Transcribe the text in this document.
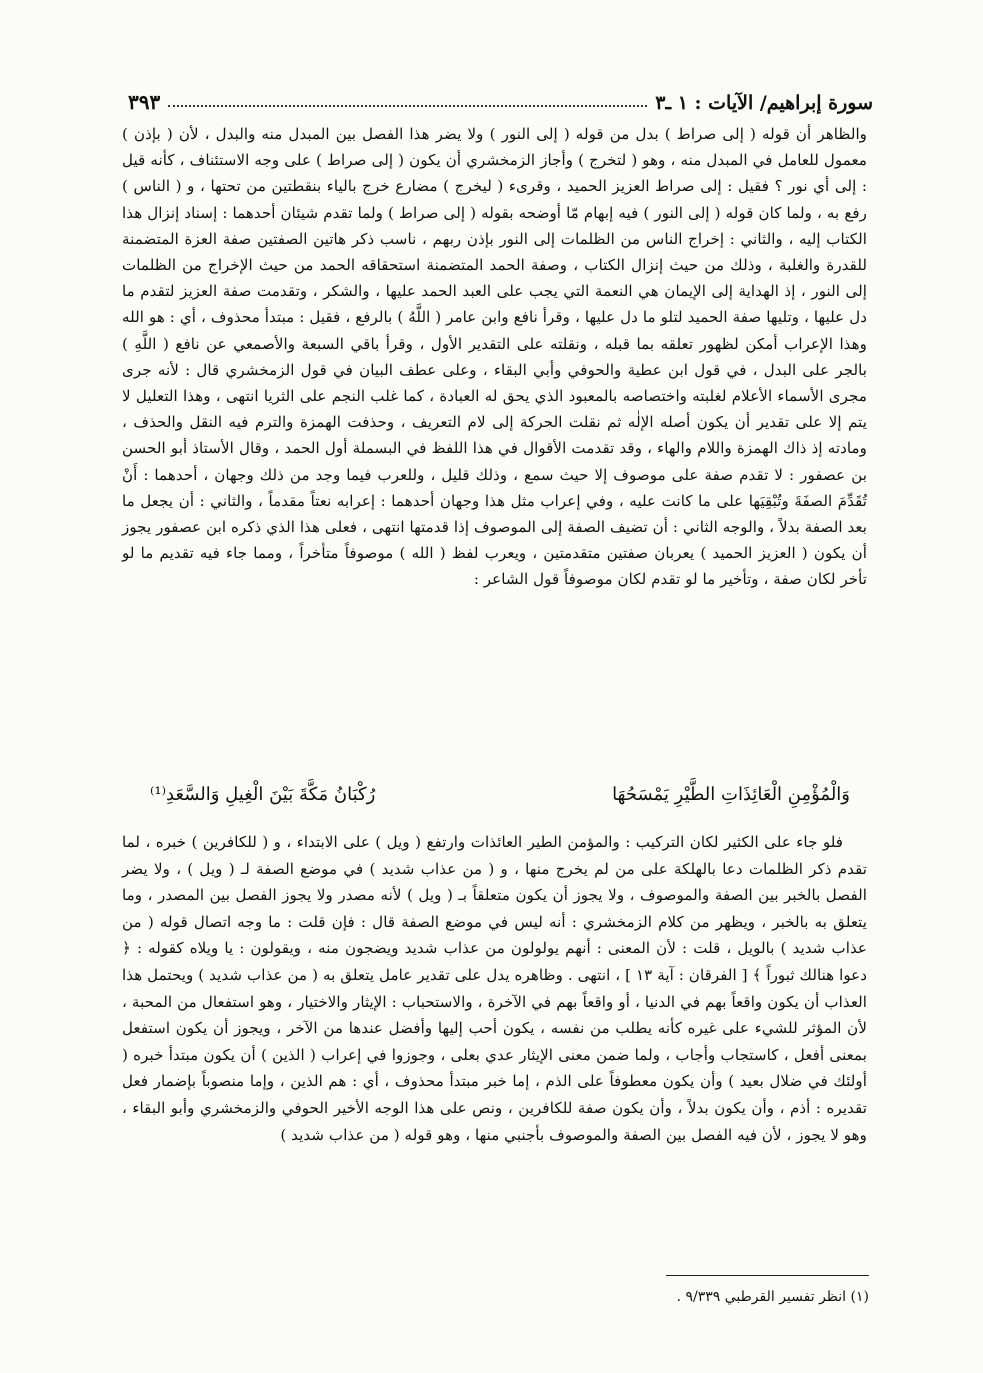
سورة إبراهيم/ الآيات : ١ ـ٣
٣٩٣

والظاهر أن قوله ( إلى صراط ) بدل من قوله ( إلى النور ) ولا يضر هذا الفصل بين المبدل منه والبدل ، لأن ( بإذن ) معمول للعامل في المبدل منه ، وهو ( لتخرج ) وأجاز الزمخشري أن يكون ( إلى صراط ) على وجه الاستئناف ، كأنه قيل : إلى أي نور ؟ فقيل : إلى صراط العزيز الحميد ، وقرىء ( ليخرج ) مضارع خرج بالياء بنقطتين من تحتها ، و ( الناس ) رفع به ، ولما كان قوله ( إلى النور ) فيه إبهام مّا أوضحه بقوله ( إلى صراط ) ولما تقدم شيئان أحدهما : إسناد إنزال هذا الكتاب إليه ، والثاني : إخراج الناس من الظلمات إلى النور بإذن ربهم ، ناسب ذكر هاتين الصفتين صفة العزة المتضمنة للقدرة والغلبة ، وذلك من حيث إنزال الكتاب ، وصفة الحمد المتضمنة استحقاقه الحمد من حيث الإخراج من الظلمات إلى النور ، إذ الهداية إلى الإيمان هي النعمة التي يجب على العبد الحمد عليها ، والشكر ، وتقدمت صفة العزيز لتقدم ما دل عليها ، وتليها صفة الحميد لتلو ما دل عليها ، وقرأ نافع وابن عامر ( اللَّهُ ) بالرفع ، فقيل : مبتدأ محذوف ، أي : هو الله وهذا الإعراب أمكن لظهور تعلقه بما قبله ، ونقلته على التقدير الأول ، وقرأ باقي السبعة والأصمعي عن نافع ( اللَّهِ ) بالجر على البدل ، في قول ابن عطية والحوفي وأبي البقاء ، وعلى عطف البيان في قول الزمخشري قال : لأنه جرى مجرى الأسماء الأعلام لغلبته واختصاصه بالمعبود الذي يحق له العبادة ، كما غلب النجم على الثريا انتهى ، وهذا التعليل لا يتم إلا على تقدير أن يكون أصله الإلٰه ثم نقلت الحركة إلى لام التعريف ، وحذفت الهمزة والترم فيه النقل والحذف ، ومادته إذ ذاك الهمزة واللام والهاء ، وقد تقدمت الأقوال في هذا اللفظ في البسملة أول الحمد ، وقال الأستاذ أبو الحسن بن عصفور : لا تقدم صفة على موصوف إلا حيث سمع ، وذلك قليل ، وللعرب فيما وجد من ذلك وجهان ، أحدهما : أَنْ تُقَدِّمَ الصفَةَ وتُبْقِيَها على ما كانت عليه ، وفي إعراب مثل هذا وجهان أحدهما : إعرابه نعتاً مقدماً ، والثاني : أن يجعل ما بعد الصفة بدلاً ، والوجه الثاني : أن تضيف الصفة إلى الموصوف إذا قدمتها انتهى ، فعلى هذا الذي ذكره ابن عصفور يجوز أن يكون ( العزيز الحميد ) يعربان صفتين متقدمتين ، ويعرب لفظ ( الله ) موصوفاً متأخراً ، ومما جاء فيه تقديم ما لو تأخر لكان صفة ، وتأخير ما لو تقدم لكان موصوفاً قول الشاعر :

وَالْمُؤْمِنِ الْعَائِذَاتِ الطَّيْرِ يَمْسَحُهَا
رُكْبَانُ مَكَّةَ بَيْنَ الْغِيلِ وَالسَّعَدِ⁽¹⁾

فلو جاء على الكثير لكان التركيب : والمؤمن الطير العائذات وارتفع ( ويل ) على الابتداء ، و ( للكافرين ) خبره ، لما تقدم ذكر الظلمات دعا بالهلكة على من لم يخرج منها ، و ( من عذاب شديد ) في موضع الصفة لـ ( ويل ) ، ولا يضر الفصل بالخبر بين الصفة والموصوف ، ولا يجوز أن يكون متعلقاً بـ ( ويل ) لأنه مصدر ولا يجوز الفصل بين المصدر ، وما يتعلق به بالخبر ، ويظهر من كلام الزمخشري : أنه ليس في موضع الصفة قال : فإن قلت : ما وجه اتصال قوله ( من عذاب شديد ) بالويل ، قلت : لأن المعنى : أنهم يولولون من عذاب شديد ويضجون منه ، ويقولون : يا ويلاه كقوله : ﴿ دعوا هنالك ثبوراً ﴾ [ الفرقان : آية ١٣ ] ، انتهى . وظاهره يدل على تقدير عامل يتعلق به ( من عذاب شديد ) ويحتمل هذا العذاب أن يكون واقعاً بهم في الدنيا ، أو واقعاً بهم في الآخرة ، والاستحباب : الإيثار والاختيار ، وهو استفعال من المحبة ، لأن المؤثر للشيء على غيره كأنه يطلب من نفسه ، يكون أحب إليها وأفضل عندها من الآخر ، ويجوز أن يكون استفعل بمعنى أفعل ، كاستجاب وأجاب ، ولما ضمن معنى الإيثار عدي بعلى ، وجوزوا في إعراب ( الذين ) أن يكون مبتدأ خبره ( أولئك في ضلال بعيد ) وأن يكون معطوفاً على الذم ، إما خبر مبتدأ محذوف ، أي : هم الذين ، وإما منصوباً بإضمار فعل تقديره : أذم ، وأن يكون بدلاً ، وأن يكون صفة للكافرين ، ونص على هذا الوجه الأخير الحوفي والزمخشري وأبو البقاء ، وهو لا يجوز ، لأن فيه الفصل بين الصفة والموصوف بأجنبي منها ، وهو قوله ( من عذاب شديد )

(١) انظر تفسير القرطبي ٩/٣٣٩ .
